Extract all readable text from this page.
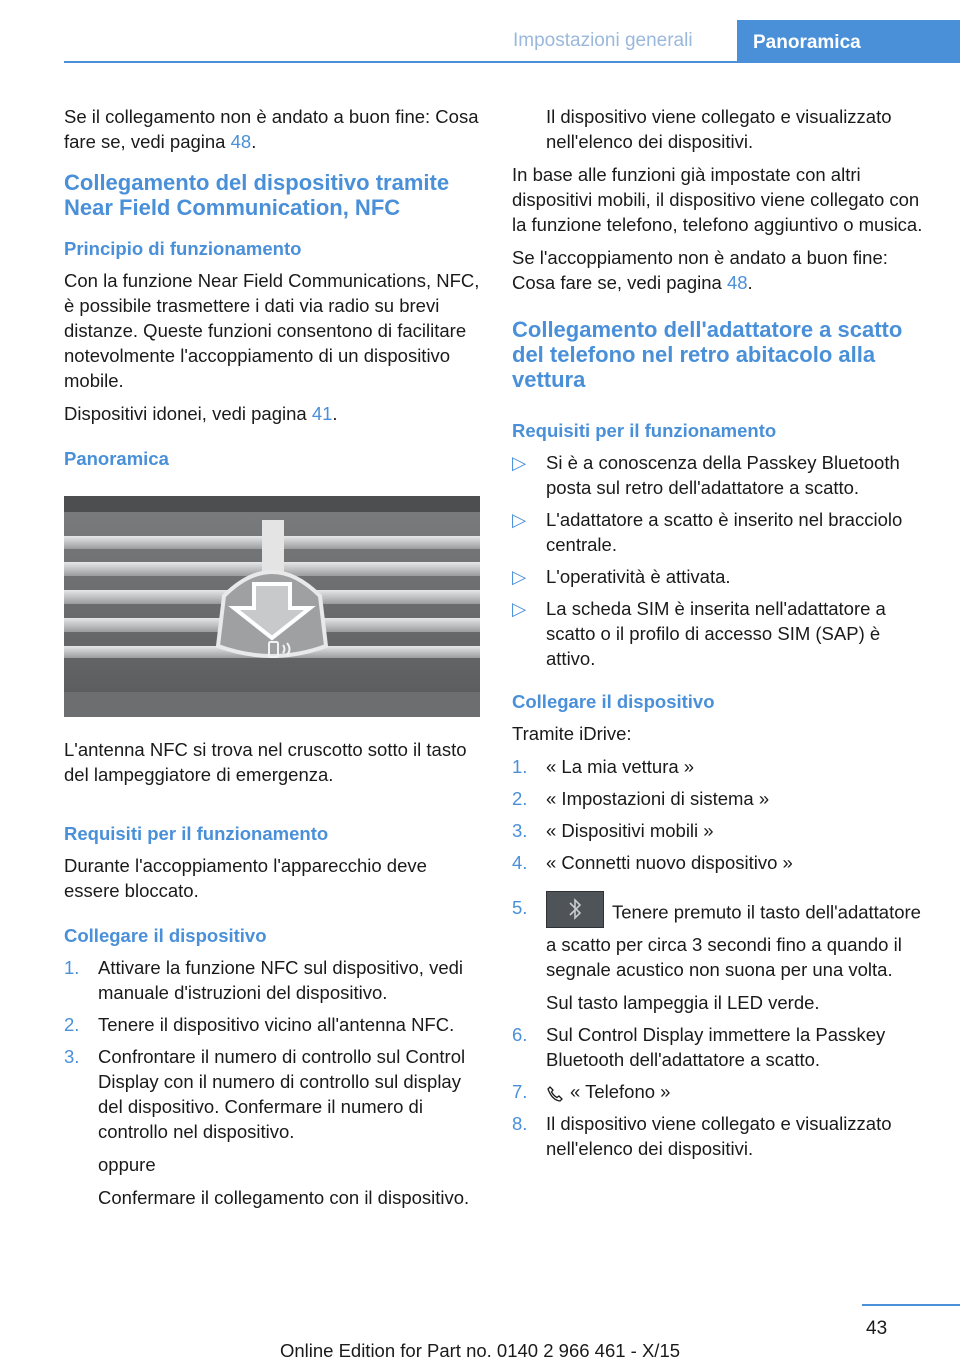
Impostazioni generali	Panoramica

Se il collegamento non è andato a buon fine: Cosa fare se, vedi pagina 48.

Collegamento del dispositivo tramite Near Field Communication, NFC
Principio di funzionamento

Con la funzione Near Field Communications, NFC, è possibile trasmettere i dati via radio su brevi distanze. Queste funzioni consentono di facilitare notevolmente l'accoppiamento di un dispositivo mobile.

Dispositivi idonei, vedi pagina 41.

Panoramica

L'antenna NFC si trova nel cruscotto sotto il tasto del lampeggiatore di emergenza.

Requisiti per il funzionamento

Durante l'accoppiamento l'apparecchio deve essere bloccato.

Collegare il dispositivo
1. Attivare la funzione NFC sul dispositivo, vedi manuale d'istruzioni del dispositivo.
2. Tenere il dispositivo vicino all'antenna NFC.
3. Confrontare il numero di controllo sul Control Display con il numero di controllo sul display del dispositivo. Confermare il numero di controllo nel dispositivo.
oppure
Confermare il collegamento con il dispositivo.

Il dispositivo viene collegato e visualizzato nell'elenco dei dispositivi.

In base alle funzioni già impostate con altri dispositivi mobili, il dispositivo viene collegato con la funzione telefono, telefono aggiuntivo o musica.

Se l'accoppiamento non è andato a buon fine: Cosa fare se, vedi pagina 48.

Collegamento dell'adattatore a scatto del telefono nel retro abitacolo alla vettura
Requisiti per il funzionamento
▷ Si è a conoscenza della Passkey Bluetooth posta sul retro dell'adattatore a scatto.
▷ L'adattatore a scatto è inserito nel bracciolo centrale.
▷ L'operatività è attivata.
▷ La scheda SIM è inserita nell'adattatore a scatto o il profilo di accesso SIM (SAP) è attivo.
Collegare il dispositivo

Tramite iDrive:

1. « La mia vettura »
2. « Impostazioni di sistema »
3. « Dispositivi mobili »
4. « Connetti nuovo dispositivo »
5.	Tenere premuto il tasto dell'adattatore a scatto per circa 3 secondi fino a quando il segnale acustico non suona per una volta.
Sul tasto lampeggia il LED verde.
6. Sul Control Display immettere la Passkey Bluetooth dell'adattatore a scatto.
7. « Telefono »
8. Il dispositivo viene collegato e visualizzato nell'elenco dei dispositivi.
43
Online Edition for Part no. 0140 2 966 461 - X/15
